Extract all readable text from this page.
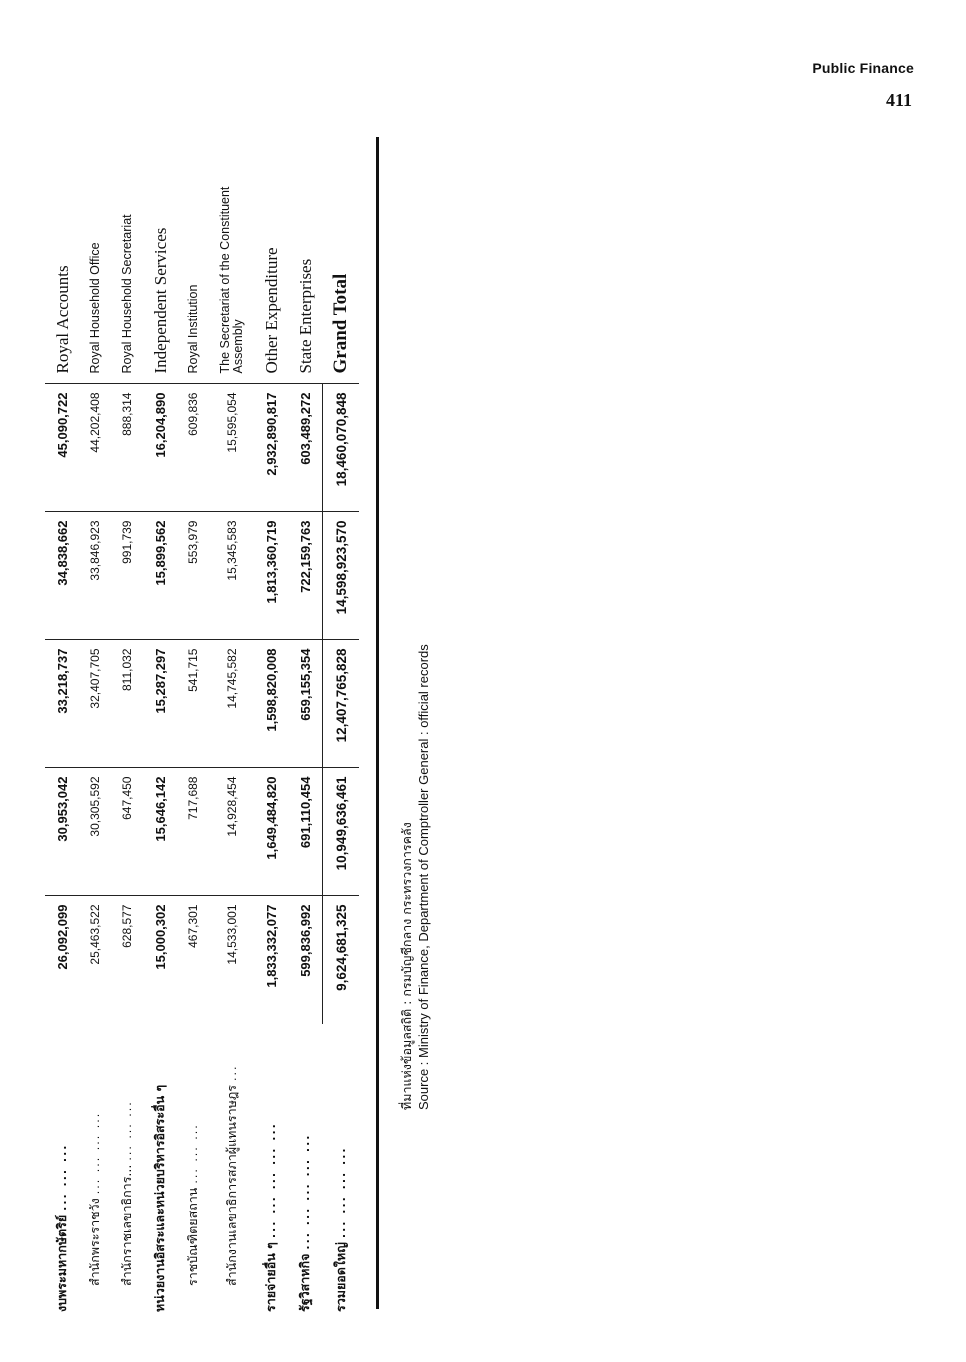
Public Finance
411
งบพระมหากษัตริย์... ... ...	26,092,099	30,953,042	33,218,737	34,838,662	45,090,722	Royal Accounts
สำนักพระราชวัง... ... ... ...	25,463,522	30,305,592	32,407,705	33,846,923	44,202,408	Royal Household Office
สำนักราชเลขาธิการ...... ... ...	628,577	647,450	811,032	991,739	888,314	Royal Household Secretariat
หน่วยงานอิสระและหน่วยบริหารอิสระอื่น ๆ	15,000,302	15,646,142	15,287,297	15,899,562	16,204,890	Independent Services
ราชบัณฑิตยสถาน... ... ...	467,301	717,688	541,715	553,979	609,836	Royal Institution
สำนักงานเลขาธิการสภาผู้แทนราษฎร...	14,533,001	14,928,454	14,745,582	15,345,583	15,595,054	The Secretariat of the Constituent Assembly
รายจ่ายอื่น ๆ... ... ... ... ...	1,833,332,077	1,649,484,820	1,598,820,008	1,813,360,719	2,932,890,817	Other Expenditure
รัฐวิสาหกิจ... ... ... ... ...	599,836,992	691,110,454	659,155,354	722,159,763	603,489,272	State Enterprises
รวมยอดใหญ่... ... ... ...	9,624,681,325	10,949,636,461	12,407,765,828	14,598,923,570	18,460,070,848	Grand Total
ที่มาแห่งข้อมูลสถิติ : กรมบัญชีกลาง กระทรวงการคลัง Source : Ministry of Finance, Department of Comptroller General : official records
